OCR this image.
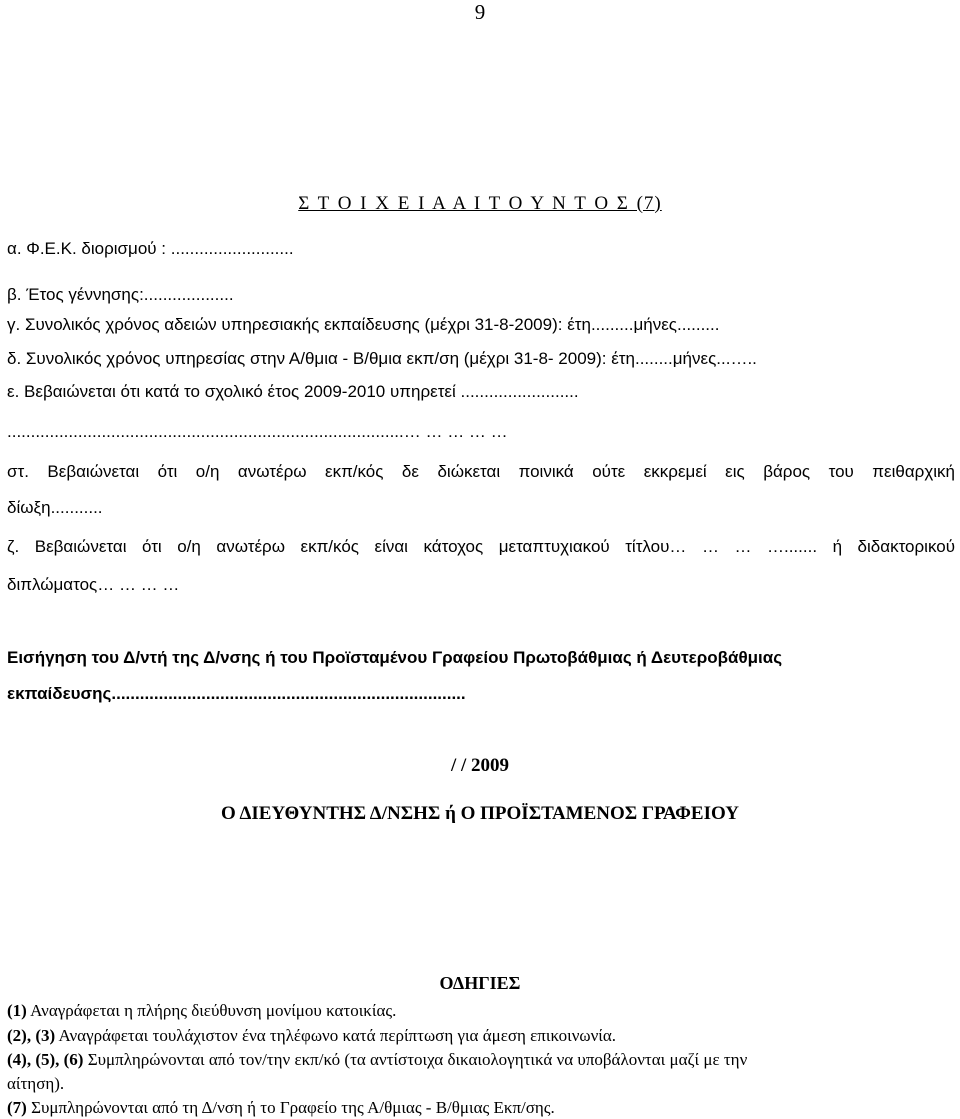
9
Σ Τ Ο Ι Χ Ε Ι Α Α Ι Τ Ο Υ Ν Τ Ο Σ (7)
α. Φ.Ε.Κ. διορισμού : ..........................
β. Έτος γέννησης:...................
γ. Συνολικός χρόνος αδειών υπηρεσιακής εκπαίδευσης (μέχρι 31-8-2009): έτη.........μήνες.........
δ. Συνολικός χρόνος υπηρεσίας στην Α/θμια - Β/θμια εκπ/ση (μέχρι 31-8- 2009): έτη........μήνες...…..
ε. Βεβαιώνεται ότι κατά το σχολικό έτος 2009-2010 υπηρετεί .........................
....................................................................................… … … … …
στ. Βεβαιώνεται ότι ο/η ανωτέρω εκπ/κός δε διώκεται ποινικά ούτε εκκρεμεί εις βάρος του πειθαρχική
δίωξη...........
ζ. Βεβαιώνεται ότι ο/η ανωτέρω εκπ/κός είναι κάτοχος μεταπτυχιακού τίτλου… … … …....... ή διδακτορικού
διπλώματος… … … …
Εισήγηση του Δ/ντή της Δ/νσης ή του Προϊσταμένου Γραφείου Πρωτοβάθμιας ή Δευτεροβάθμιας
εκπαίδευσης...........................................................................
/ / 2009
Ο ΔΙΕΥΘΥΝΤΗΣ Δ/ΝΣΗΣ ή Ο ΠΡΟΪΣΤΑΜΕΝΟΣ ΓΡΑΦΕΙΟΥ
ΟΔΗΓΙΕΣ
(1) Αναγράφεται η πλήρης διεύθυνση μονίμου κατοικίας.
(2), (3) Αναγράφεται τουλάχιστον ένα τηλέφωνο κατά περίπτωση για άμεση επικοινωνία.
(4), (5), (6) Συμπληρώνονται από τον/την εκπ/κό (τα αντίστοιχα δικαιολογητικά να υποβάλονται μαζί με την
αίτηση).
(7) Συμπληρώνονται από τη Δ/νση ή το Γραφείο της Α/θμιας - Β/θμιας Εκπ/σης.
